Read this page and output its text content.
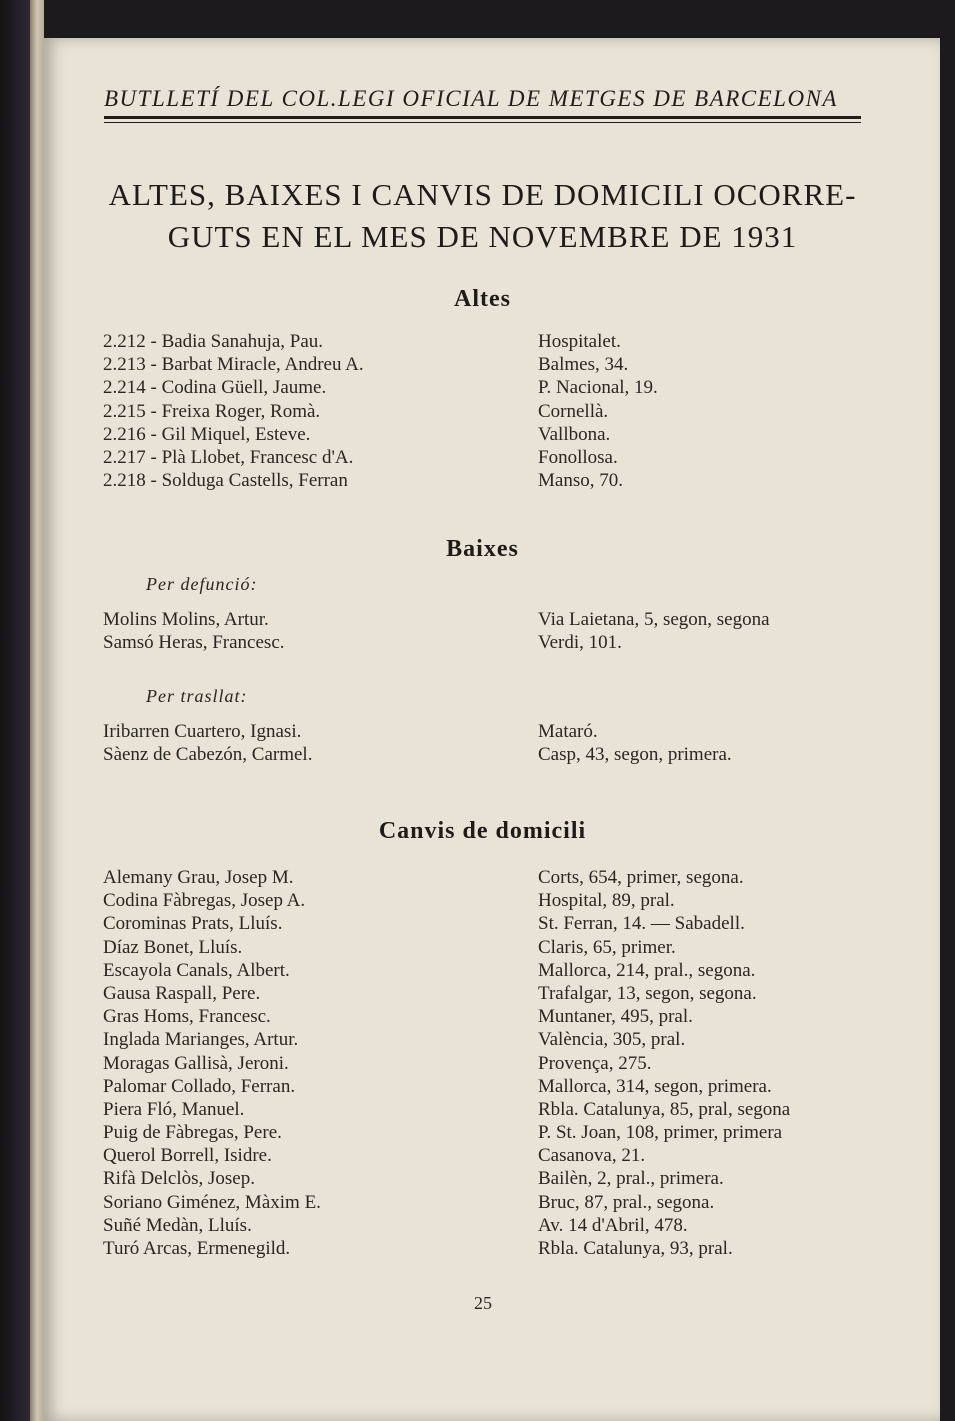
BUTLLETÍ DEL COL.LEGI OFICIAL DE METGES DE BARCELONA
ALTES, BAIXES I CANVIS DE DOMICILI OCORRE-
GUTS EN EL MES DE NOVEMBRE DE 1931
Altes
2.212 - Badia Sanahuja, Pau.	Hospitalet.
2.213 - Barbat Miracle, Andreu A.	Balmes, 34.
2.214 - Codina Güell, Jaume.	P. Nacional, 19.
2.215 - Freixa Roger, Romà.	Cornellà.
2.216 - Gil Miquel, Esteve.	Vallbona.
2.217 - Plà Llobet, Francesc d'A.	Fonollosa.
2.218 - Solduga Castells, Ferran	Manso, 70.
Baixes
Per defunció:
Molins Molins, Artur.	Via Laietana, 5, segon, segona
Samsó Heras, Francesc.	Verdi, 101.
Per trasllat:
Iribarren Cuartero, Ignasi.	Mataró.
Sàenz de Cabezón, Carmel.	Casp, 43, segon, primera.
Canvis de domicili
Alemany Grau, Josep M.	Corts, 654, primer, segona.
Codina Fàbregas, Josep A.	Hospital, 89, pral.
Corominas Prats, Lluís.	St. Ferran, 14. — Sabadell.
Díaz Bonet, Lluís.	Claris, 65, primer.
Escayola Canals, Albert.	Mallorca, 214, pral., segona.
Gausa Raspall, Pere.	Trafalgar, 13, segon, segona.
Gras Homs, Francesc.	Muntaner, 495, pral.
Inglada Marianges, Artur.	València, 305, pral.
Moragas Gallisà, Jeroni.	Provença, 275.
Palomar Collado, Ferran.	Mallorca, 314, segon, primera.
Piera Fló, Manuel.	Rbla. Catalunya, 85, pral, segona
Puig de Fàbregas, Pere.	P. St. Joan, 108, primer, primera
Querol Borrell, Isidre.	Casanova, 21.
Rifà Delclòs, Josep.	Bailèn, 2, pral., primera.
Soriano Giménez, Màxim E.	Bruc, 87, pral., segona.
Suñé Medàn, Lluís.	Av. 14 d'Abril, 478.
Turó Arcas, Ermenegild.	Rbla. Catalunya, 93, pral.
25
